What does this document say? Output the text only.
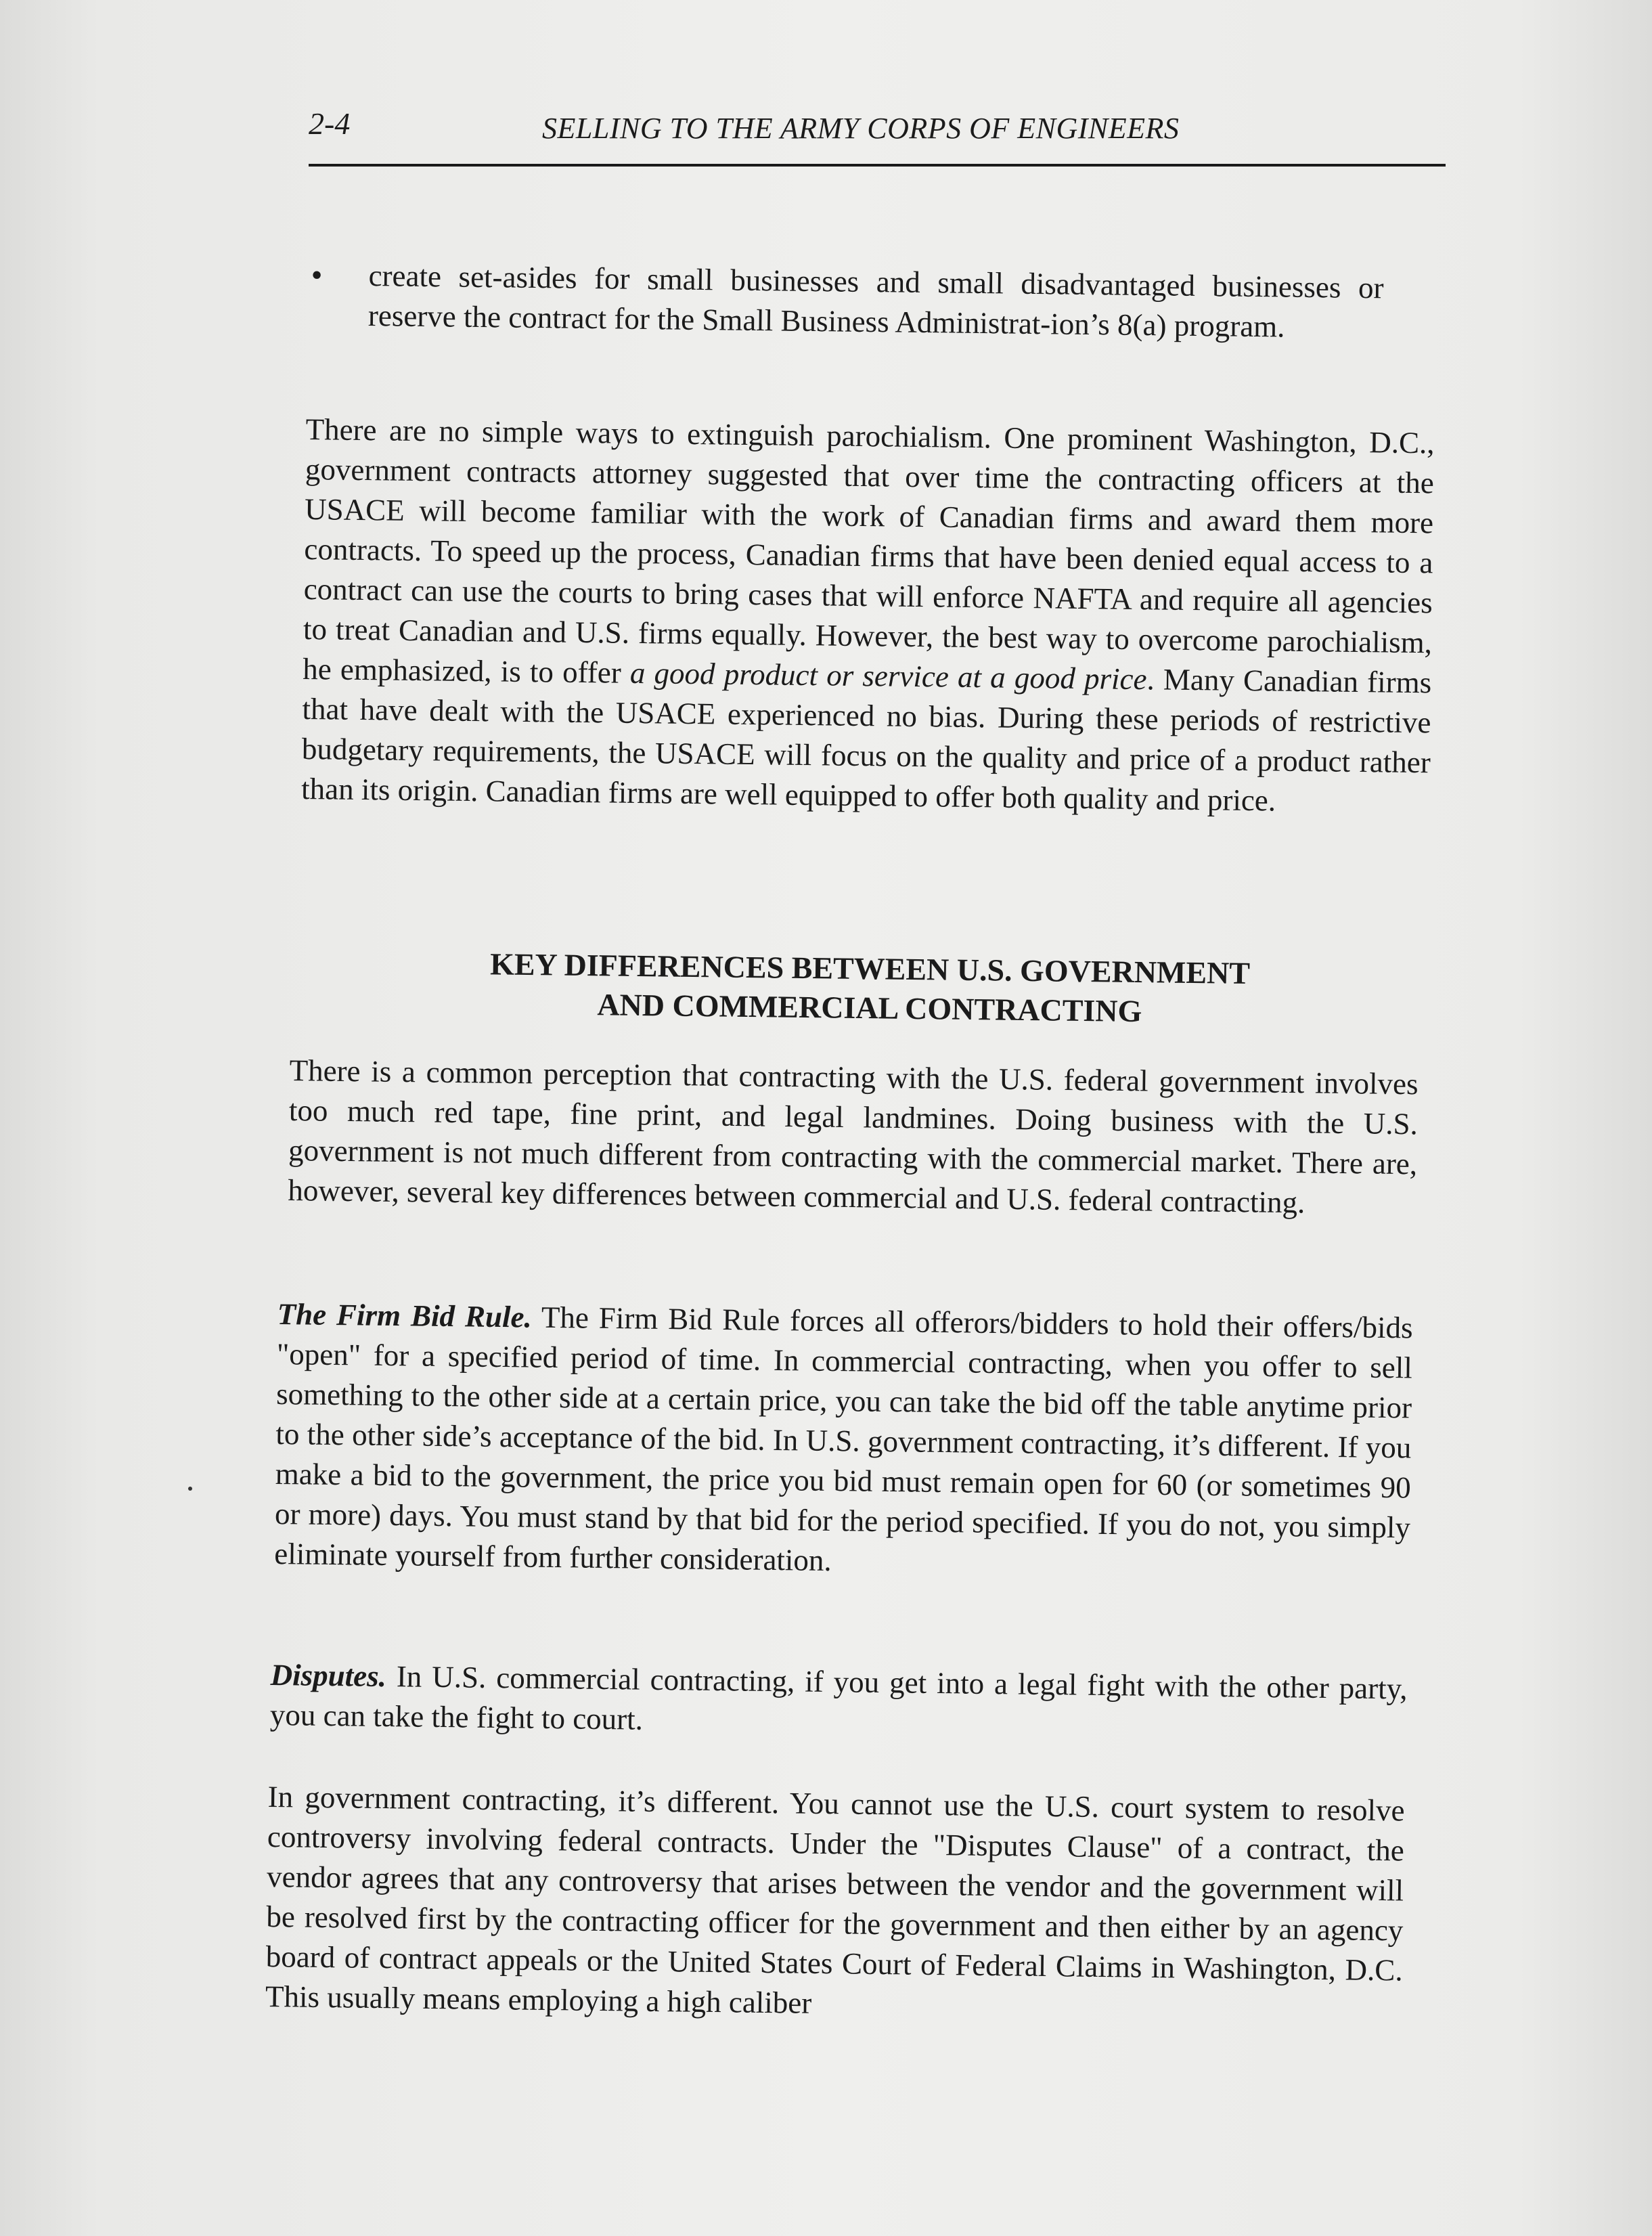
2-4	SELLING TO THE ARMY CORPS OF ENGINEERS
• create set-asides for small businesses and small disadvantaged businesses or reserve the contract for the Small Business Administrat-ion’s 8(a) program.
There are no simple ways to extinguish parochialism. One prominent Washington, D.C., government contracts attorney suggested that over time the contracting officers at the USACE will become familiar with the work of Canadian firms and award them more contracts. To speed up the process, Canadian firms that have been denied equal access to a contract can use the courts to bring cases that will enforce NAFTA and require all agencies to treat Canadian and U.S. firms equally. However, the best way to overcome parochialism, he emphasized, is to offer a good product or service at a good price. Many Canadian firms that have dealt with the USACE experienced no bias. During these periods of restrictive budgetary requirements, the USACE will focus on the quality and price of a product rather than its origin. Canadian firms are well equipped to offer both quality and price.
KEY DIFFERENCES BETWEEN U.S. GOVERNMENT
AND COMMERCIAL CONTRACTING
There is a common perception that contracting with the U.S. federal government involves too much red tape, fine print, and legal landmines. Doing business with the U.S. government is not much different from contracting with the commercial market. There are, however, several key differences between commercial and U.S. federal contracting.
The Firm Bid Rule. The Firm Bid Rule forces all offerors/bidders to hold their offers/bids "open" for a specified period of time. In commercial contracting, when you offer to sell something to the other side at a certain price, you can take the bid off the table anytime prior to the other side’s acceptance of the bid. In U.S. government contracting, it’s different. If you make a bid to the government, the price you bid must remain open for 60 (or sometimes 90 or more) days. You must stand by that bid for the period specified. If you do not, you simply eliminate yourself from further consideration.
Disputes. In U.S. commercial contracting, if you get into a legal fight with the other party, you can take the fight to court.
In government contracting, it’s different. You cannot use the U.S. court system to resolve controversy involving federal contracts. Under the "Disputes Clause" of a contract, the vendor agrees that any controversy that arises between the vendor and the government will be resolved first by the contracting officer for the government and then either by an agency board of contract appeals or the United States Court of Federal Claims in Washington, D.C. This usually means employing a high caliber
